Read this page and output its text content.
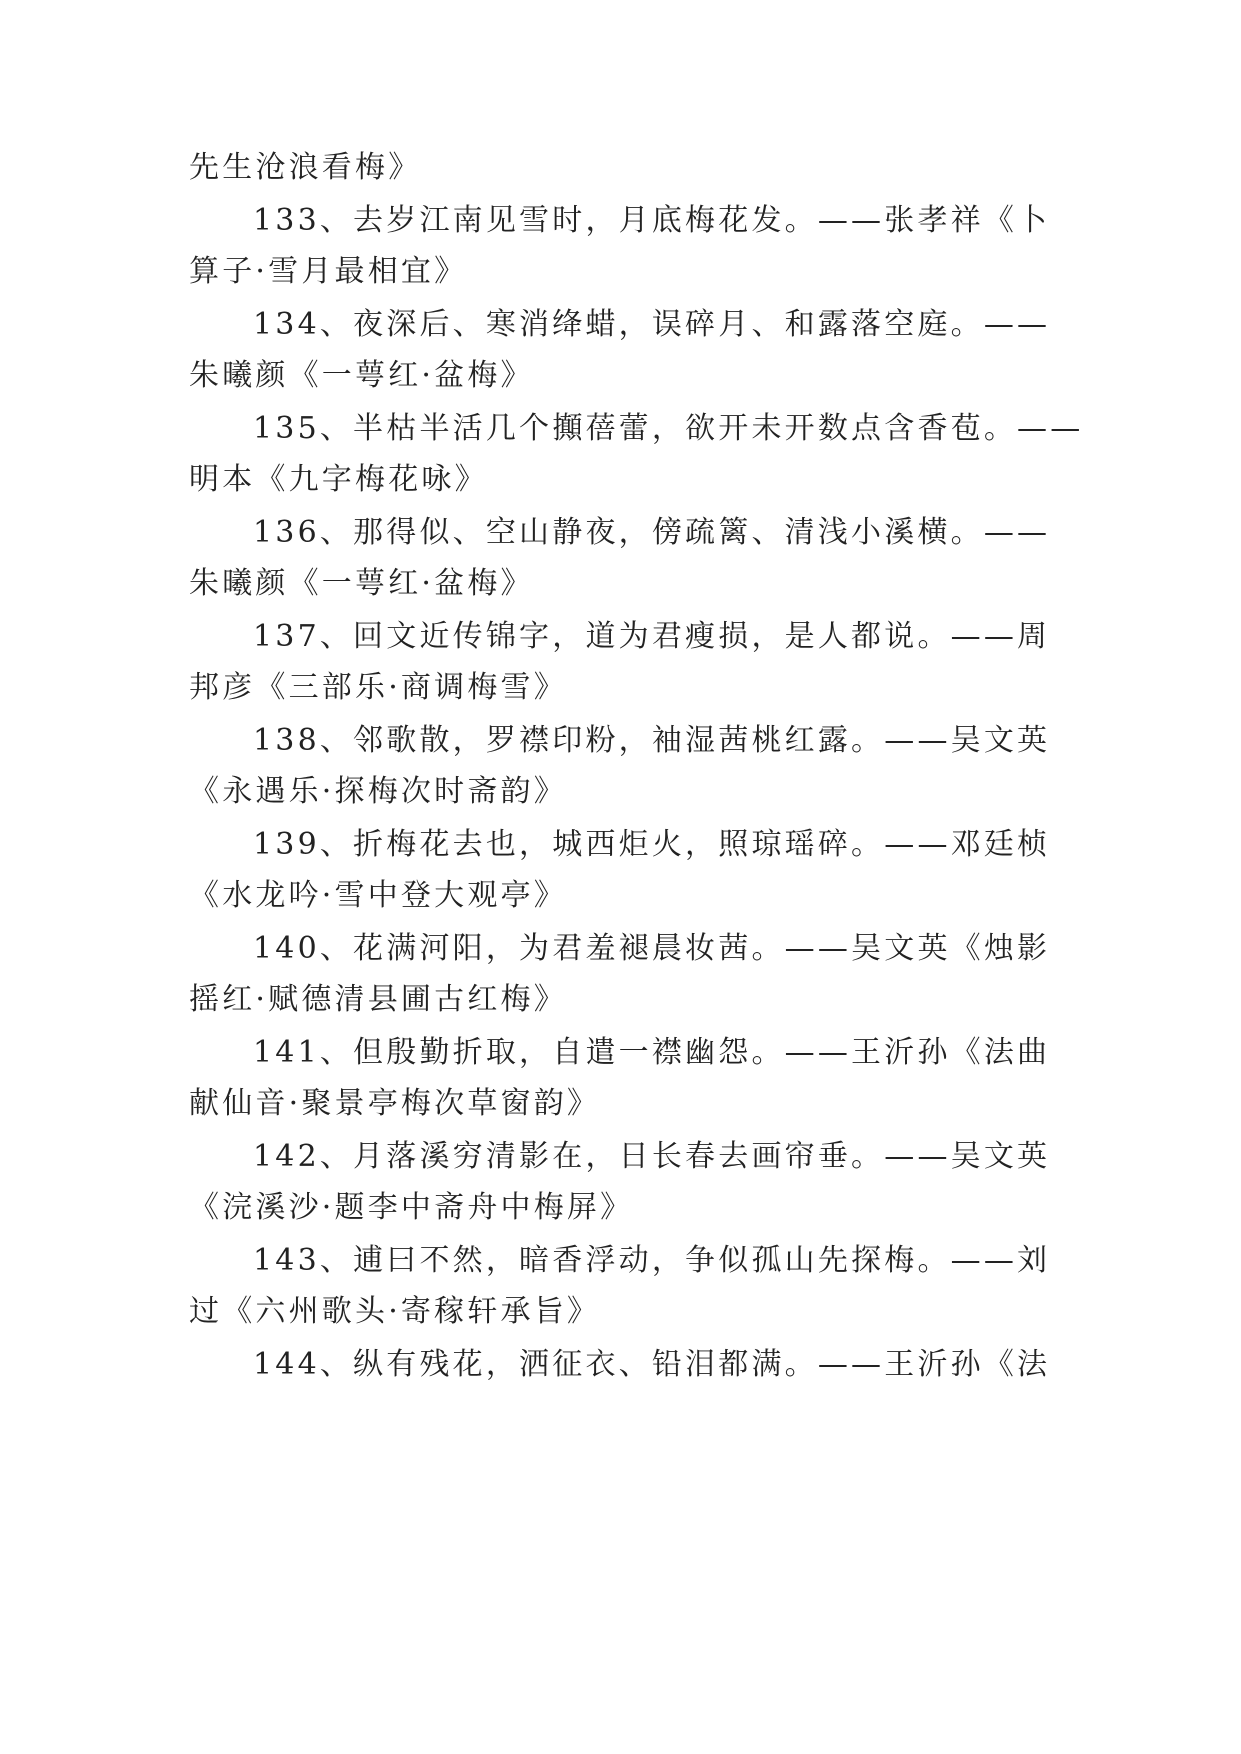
先生沧浪看梅》
133、去岁江南见雪时，月底梅花发。——张孝祥《卜
算子·雪月最相宜》
134、夜深后、寒消绛蜡，误碎月、和露落空庭。——
朱曦颜《一萼红·盆梅》
135、半枯半活几个攧蓓蕾，欲开未开数点含香苞。——
明本《九字梅花咏》
136、那得似、空山静夜，傍疏篱、清浅小溪横。——
朱曦颜《一萼红·盆梅》
137、回文近传锦字，道为君瘦损，是人都说。——周
邦彦《三部乐·商调梅雪》
138、邻歌散，罗襟印粉，袖湿茜桃红露。——吴文英
《永遇乐·探梅次时斋韵》
139、折梅花去也，城西炬火，照琼瑶碎。——邓廷桢
《水龙吟·雪中登大观亭》
140、花满河阳，为君羞褪晨妆茜。——吴文英《烛影
摇红·赋德清县圃古红梅》
141、但殷勤折取，自遣一襟幽怨。——王沂孙《法曲
献仙音·聚景亭梅次草窗韵》
142、月落溪穷清影在，日长春去画帘垂。——吴文英
《浣溪沙·题李中斋舟中梅屏》
143、逋曰不然，暗香浮动，争似孤山先探梅。——刘
过《六州歌头·寄稼轩承旨》
144、纵有残花，洒征衣、铅泪都满。——王沂孙《法
